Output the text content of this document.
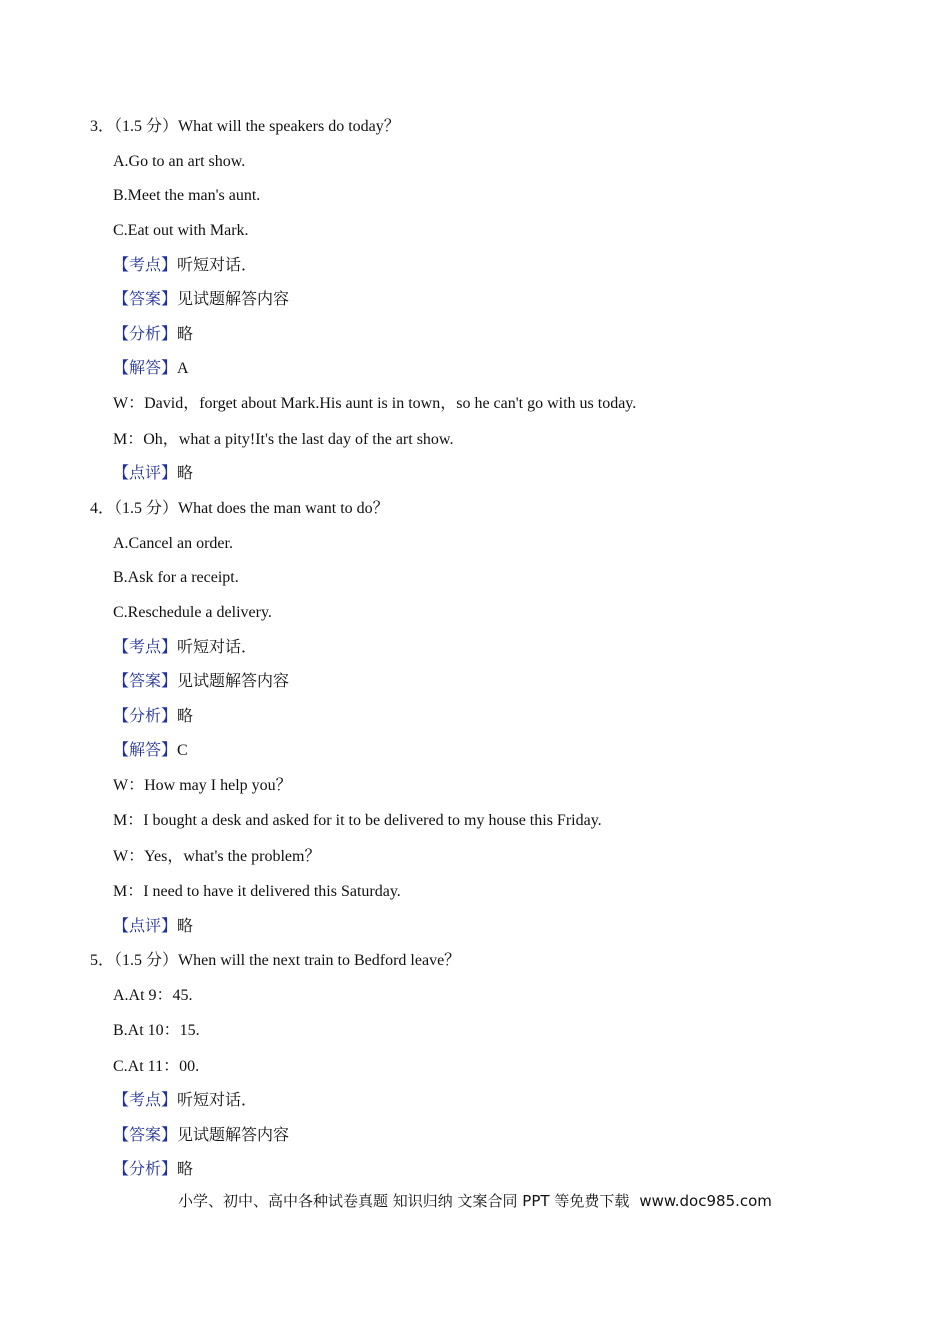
3．（1.5 分）What will the speakers do today？
A.Go to an art show.
B.Meet the man's aunt.
C.Eat out with Mark.
【考点】听短对话．
【答案】见试题解答内容
【分析】略
【解答】A
W：David，forget about Mark.His aunt is in town，so he can't go with us today.
M：Oh，what a pity!It's the last day of the art show.
【点评】略
4．（1.5 分）What does the man want to do？
A.Cancel an order.
B.Ask for a receipt.
C.Reschedule a delivery.
【考点】听短对话．
【答案】见试题解答内容
【分析】略
【解答】C
W：How may I help you？
M：I bought a desk and asked for it to be delivered to my house this Friday.
W：Yes，what's the problem？
M：I need to have it delivered this Saturday.
【点评】略
5．（1.5 分）When will the next train to Bedford leave？
A.At 9：45.
B.At 10：15.
C.At 11：00.
【考点】听短对话．
【答案】见试题解答内容
【分析】略
小学、初中、高中各种试卷真题 知识归纳 文案合同 PPT 等免费下载 www.doc985.com
